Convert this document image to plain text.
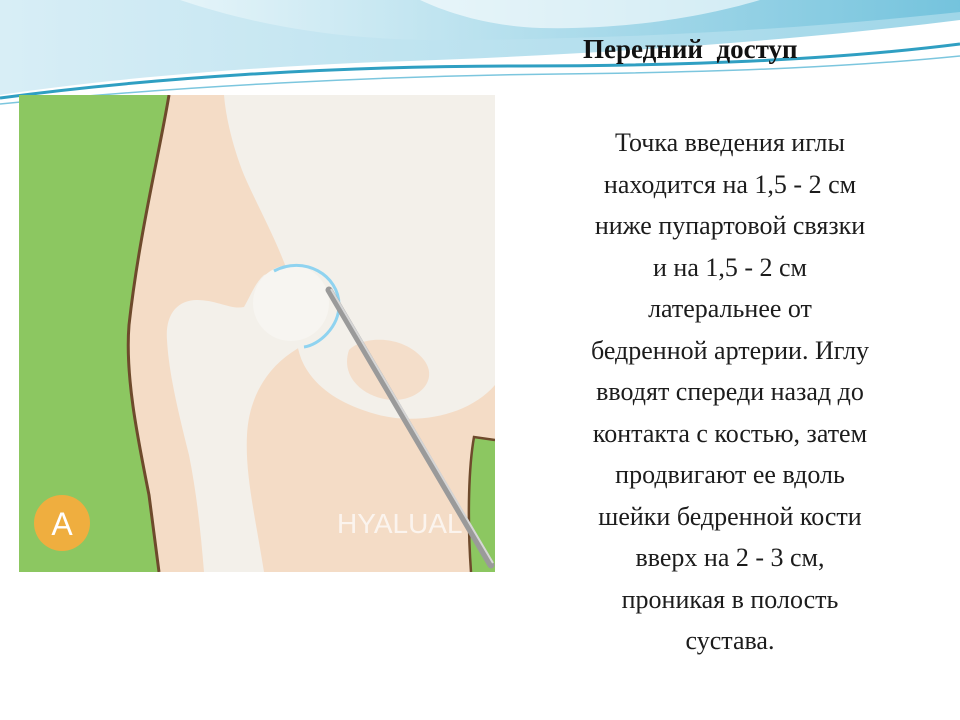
Передний  доступ
A	HYALUAL
Точка введения иглы
находится на 1,5 - 2 см
ниже пупартовой связки
и на 1,5 - 2 см
латеральнее от
бедренной артерии. Иглу
вводят спереди назад до
контакта с костью, затем
продвигают ее вдоль
шейки бедренной кости
вверх на 2 - 3 см,
проникая в полость
сустава.
